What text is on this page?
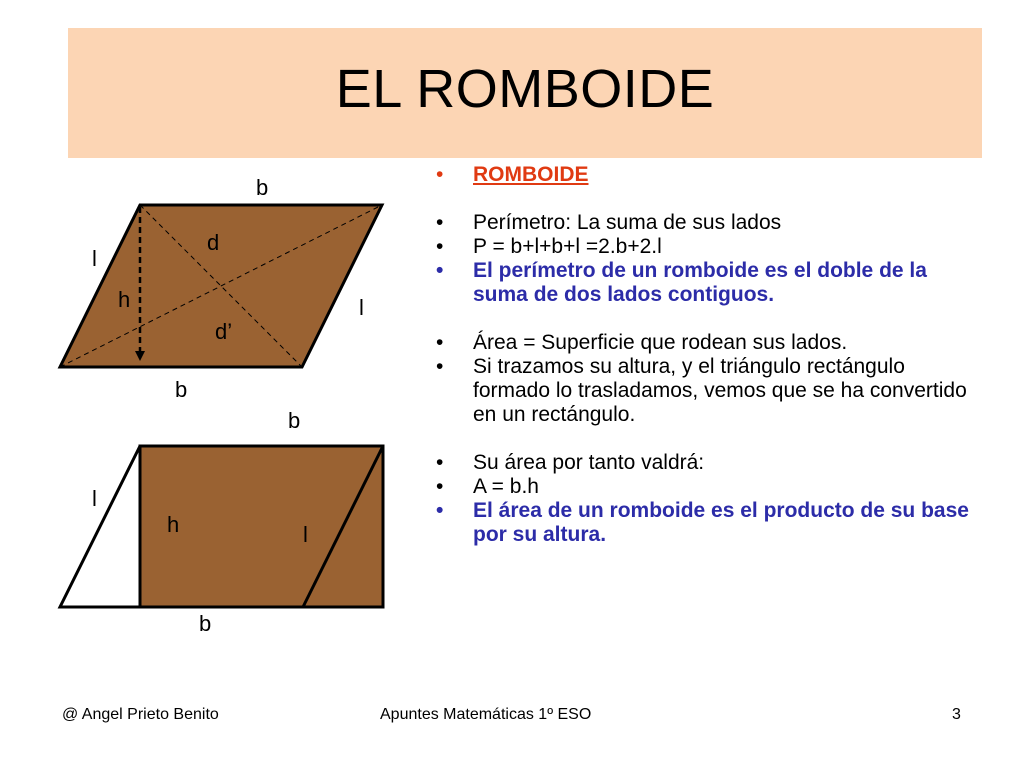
EL ROMBOIDE
b
l
d
h	l
d’
b
b
l
h	l
b
• ROMBOIDE
• Perímetro: La suma de sus lados
• P = b+l+b+l =2.b+2.l
• El perímetro de un romboide es el doble de la suma de dos lados contiguos.
• Área = Superficie que rodean sus lados.
• Si trazamos su altura, y el triángulo rectángulo formado lo trasladamos, vemos que se ha convertido en un rectángulo.
• Su área por tanto valdrá:
• A = b.h
• El área de un romboide es el producto de su base por su altura.
@ Angel Prieto Benito	Apuntes Matemáticas 1º ESO	3
